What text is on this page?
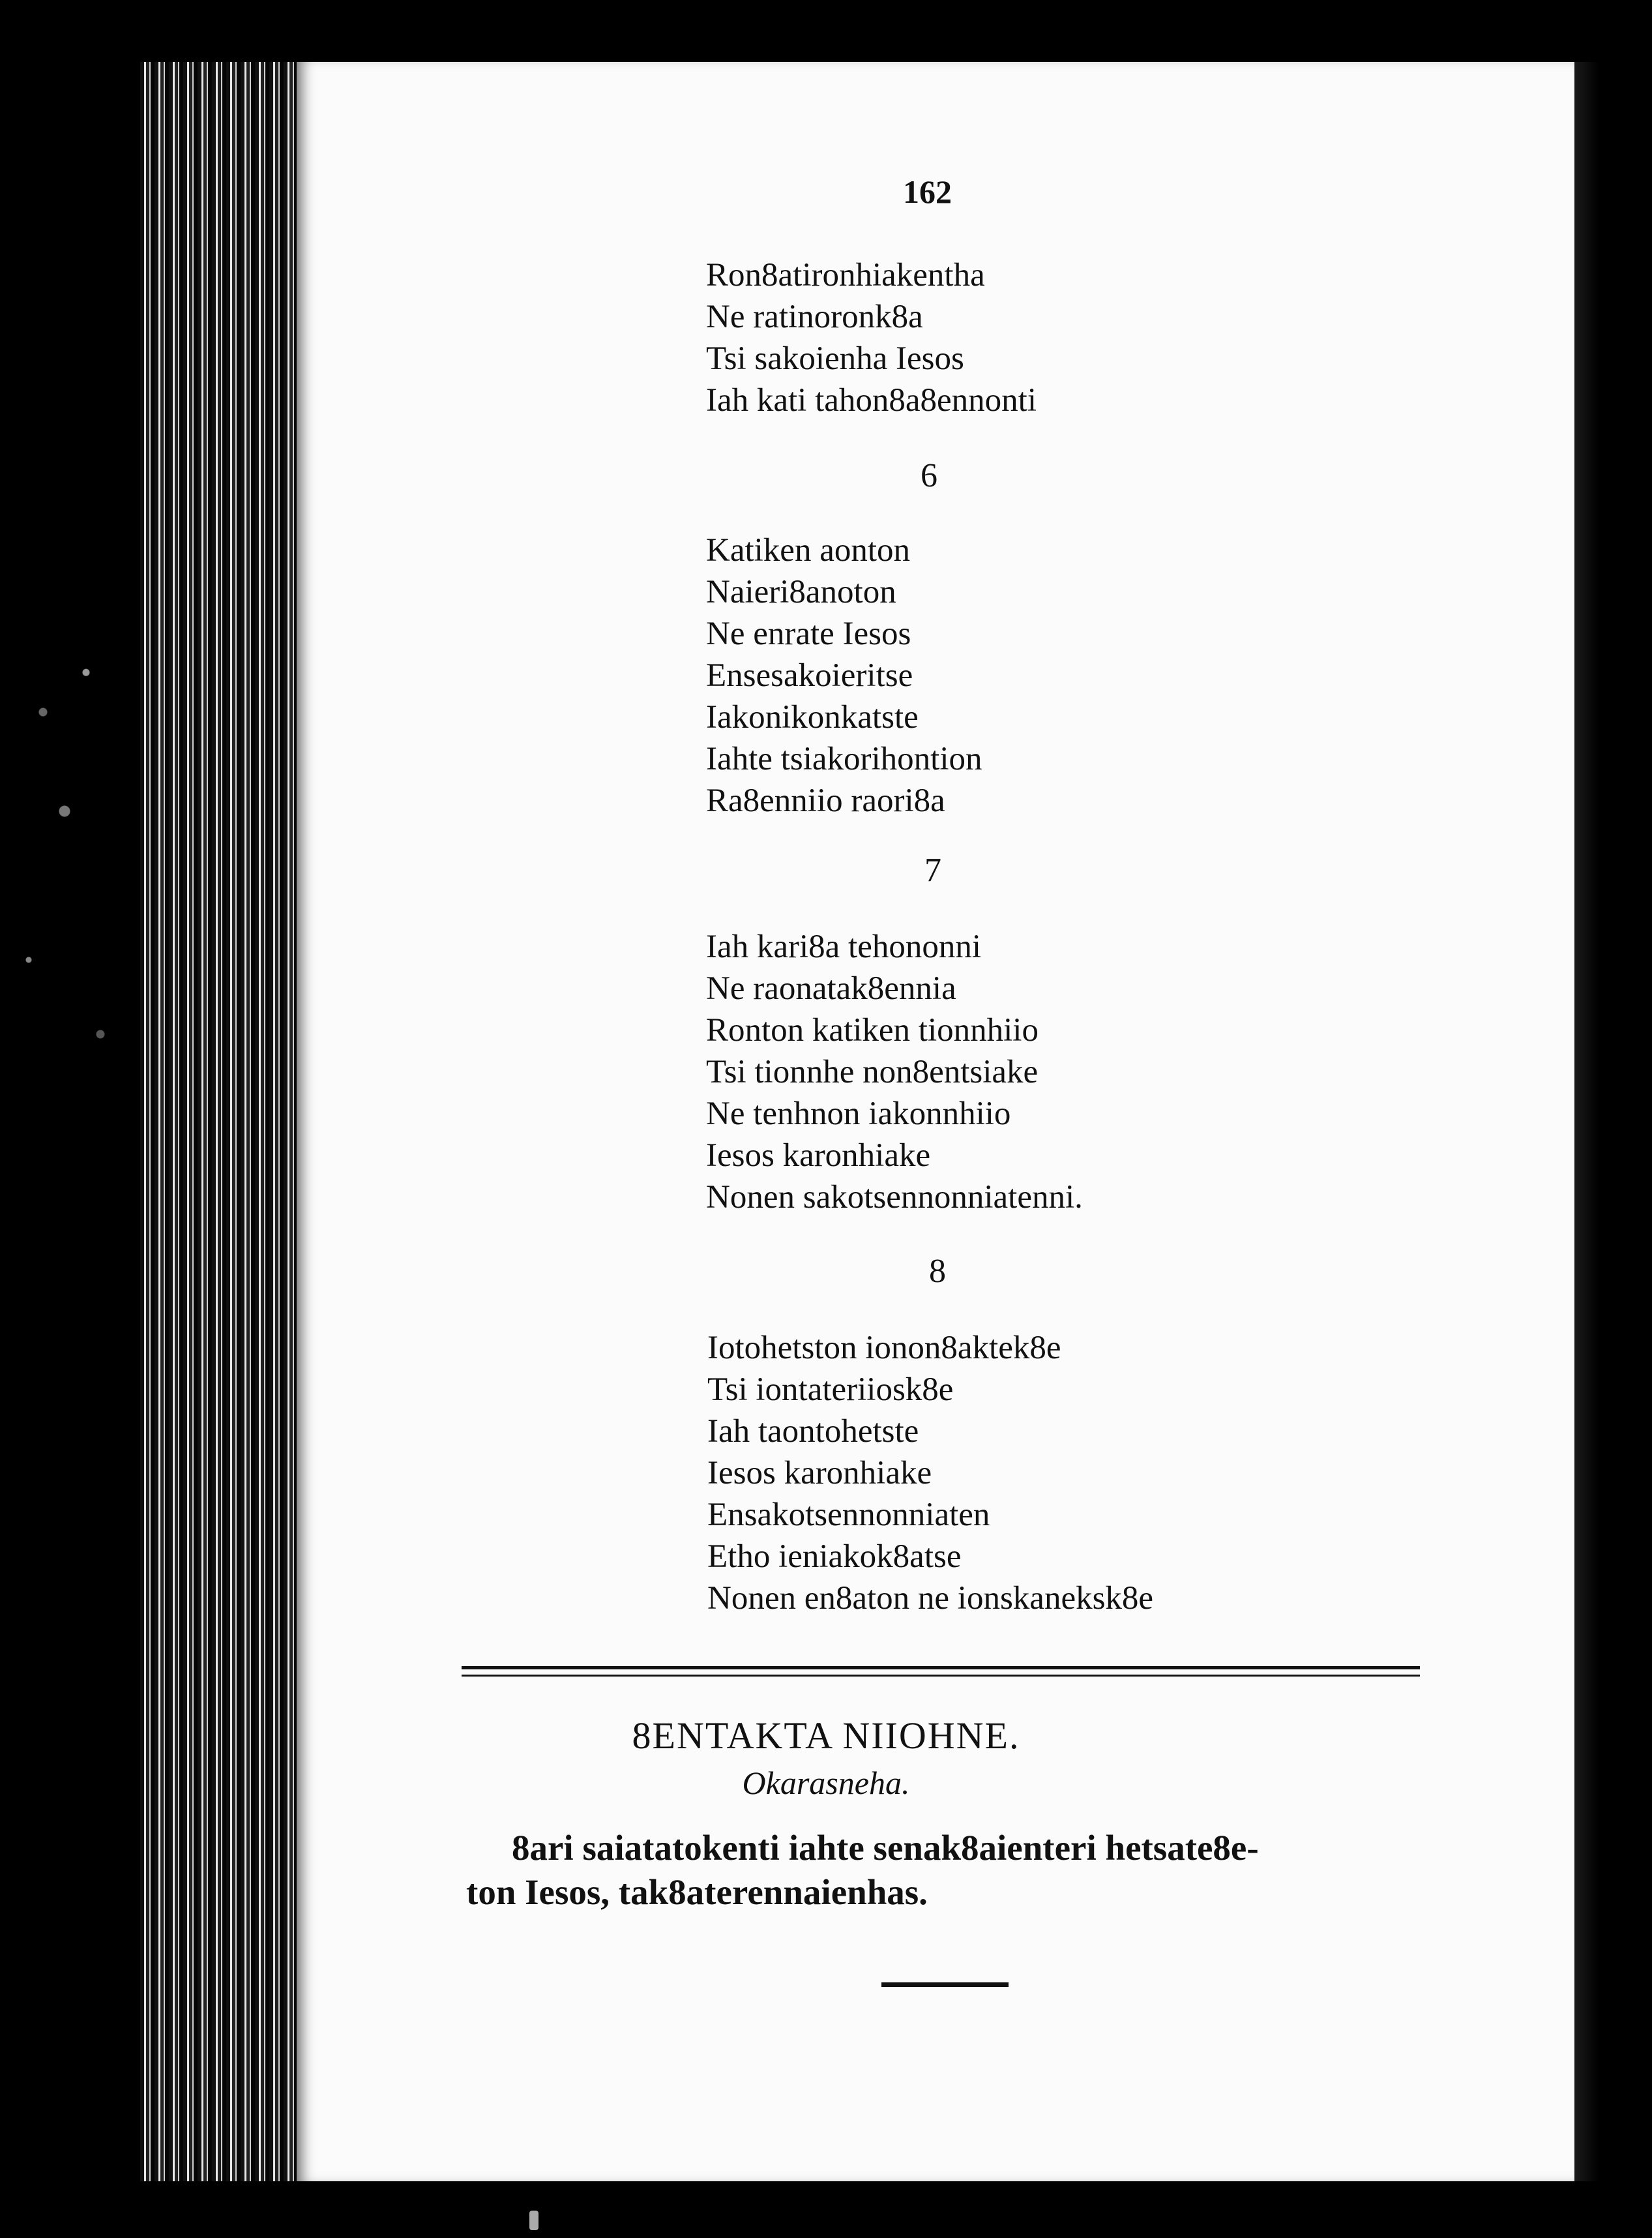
162
Ron8atironhiakentha
Ne ratinoronk8a
Tsi sakoienha Iesos
Iah kati tahon8a8ennonti
6
Katiken aonton
Naieri8anoton
Ne enrate Iesos
Ensesakoieritse
Iakonikonkatste
Iahte tsiakorihontion
Ra8enniio raori8a
7
Iah kari8a tehononni
Ne raonatak8ennia
Ronton katiken tionnhiio
Tsi tionnhe non8entsiake
Ne tenhnon iakonnhiio
Iesos karonhiake
Nonen sakotsennonniatenni.
8
Iotohetston ionon8aktek8e
Tsi iontateriiosk8e
Iah taontohetste
Iesos karonhiake
Ensakotsennonniaten
Etho ieniakok8atse
Nonen en8aton ne ionskaneksk8e
8ENTAKTA NIIOHNE.
Okarasneha.

8ari saiatatokenti iahte senak8aienteri hetsate8e-
ton Iesos, tak8aterennaienhas.
